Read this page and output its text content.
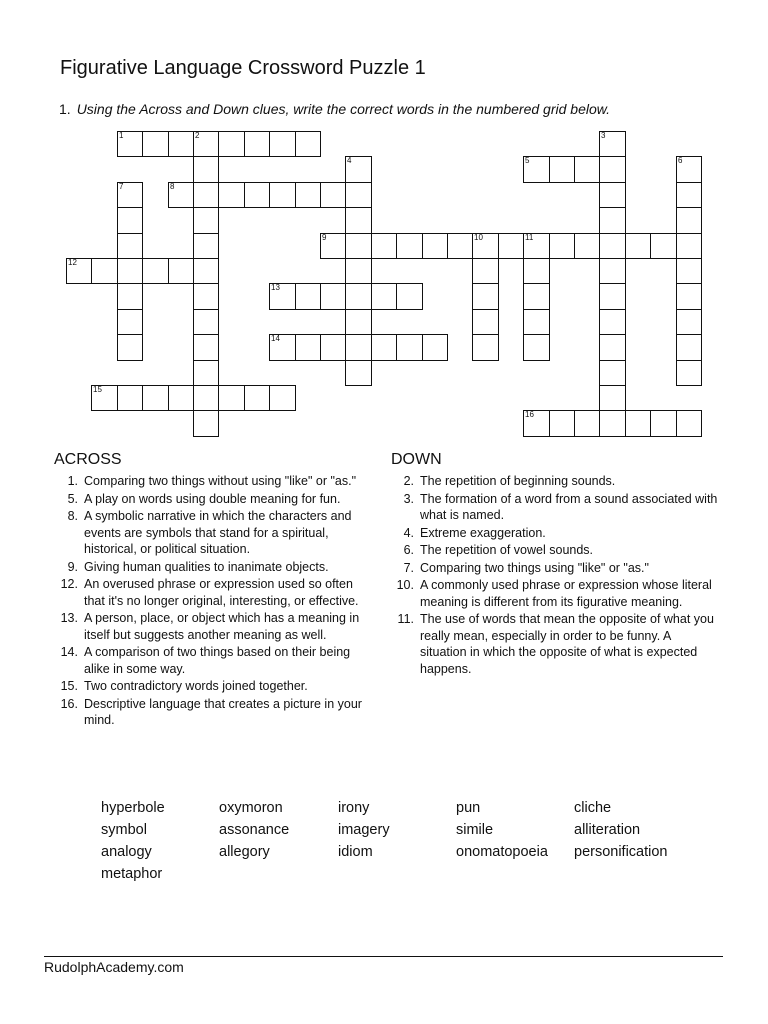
Figurative Language Crossword Puzzle 1
1. Using the Across and Down clues, write the correct words in the numbered grid below.
1	2	3
4	5	6
7	8
9	10	11
12
13
14
15
16
ACROSS	DOWN
1. Comparing two things without using "like" or "as."
5. A play on words using double meaning for fun.
8. A symbolic narrative in which the characters and events are symbols that stand for a spiritual, historical, or political situation.
9. Giving human qualities to inanimate objects.
12. An overused phrase or expression used so often that it's no longer original, interesting, or effective.
13. A person, place, or object which has a meaning in itself but suggests another meaning as well.
14. A comparison of two things based on their being alike in some way.
15. Two contradictory words joined together.
16. Descriptive language that creates a picture in your mind.
2. The repetition of beginning sounds.
3. The formation of a word from a sound associated with what is named.
4. Extreme exaggeration.
6. The repetition of vowel sounds.
7. Comparing two things using "like" or "as."
10. A commonly used phrase or expression whose literal meaning is different from its figurative meaning.
11. The use of words that mean the opposite of what you really mean, especially in order to be funny. A situation in which the opposite of what is expected happens.
hyperbole	oxymoron	irony	pun	cliche
symbol	assonance	imagery	simile	alliteration
analogy	allegory	idiom	onomatopoeia	personification
metaphor
RudolphAcademy.com
